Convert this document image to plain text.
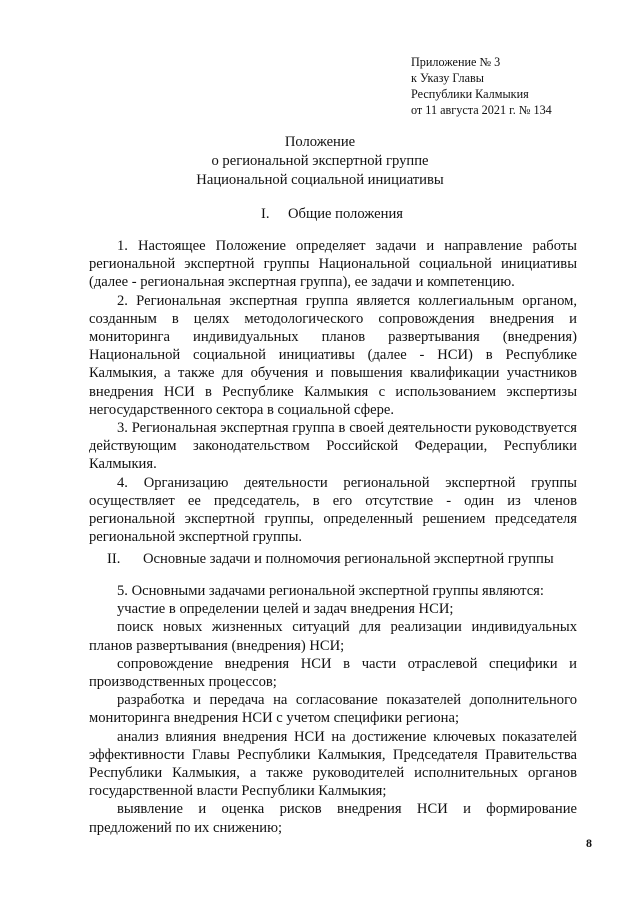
Приложение № 3
к Указу Главы
Республики Калмыкия
от 11 августа 2021 г. № 134
Положение
о региональной экспертной группе
Национальной социальной инициативы
I. Общие положения

1. Настоящее Положение определяет задачи и направление работы региональной экспертной группы Национальной социальной инициативы (далее - региональная экспертная группа), ее задачи и компетенцию.

2. Региональная экспертная группа является коллегиальным органом, созданным в целях методологического сопровождения внедрения и мониторинга индивидуальных планов развертывания (внедрения) Национальной социальной инициативы (далее - НСИ) в Республике Калмыкия, а также для обучения и повышения квалификации участников внедрения НСИ в Республике Калмыкия с использованием экспертизы негосударственного сектора в социальной сфере.

3. Региональная экспертная группа в своей деятельности руководствуется действующим законодательством Российской Федерации, Республики Калмыкия.

4. Организацию деятельности региональной экспертной группы осуществляет ее председатель, в его отсутствие - один из членов региональной экспертной группы, определенный решением председателя региональной экспертной группы.

II. Основные задачи и полномочия региональной экспертной группы

5. Основными задачами региональной экспертной группы являются:

участие в определении целей и задач внедрения НСИ;

поиск новых жизненных ситуаций для реализации индивидуальных планов развертывания (внедрения) НСИ;

сопровождение внедрения НСИ в части отраслевой специфики и производственных процессов;

разработка и передача на согласование показателей дополнительного мониторинга внедрения НСИ с учетом специфики региона;

анализ влияния внедрения НСИ на достижение ключевых показателей эффективности Главы Республики Калмыкия, Председателя Правительства Республики Калмыкия, а также руководителей исполнительных органов государственной власти Республики Калмыкия;

выявление и оценка рисков внедрения НСИ и формирование предложений по их снижению;

8
